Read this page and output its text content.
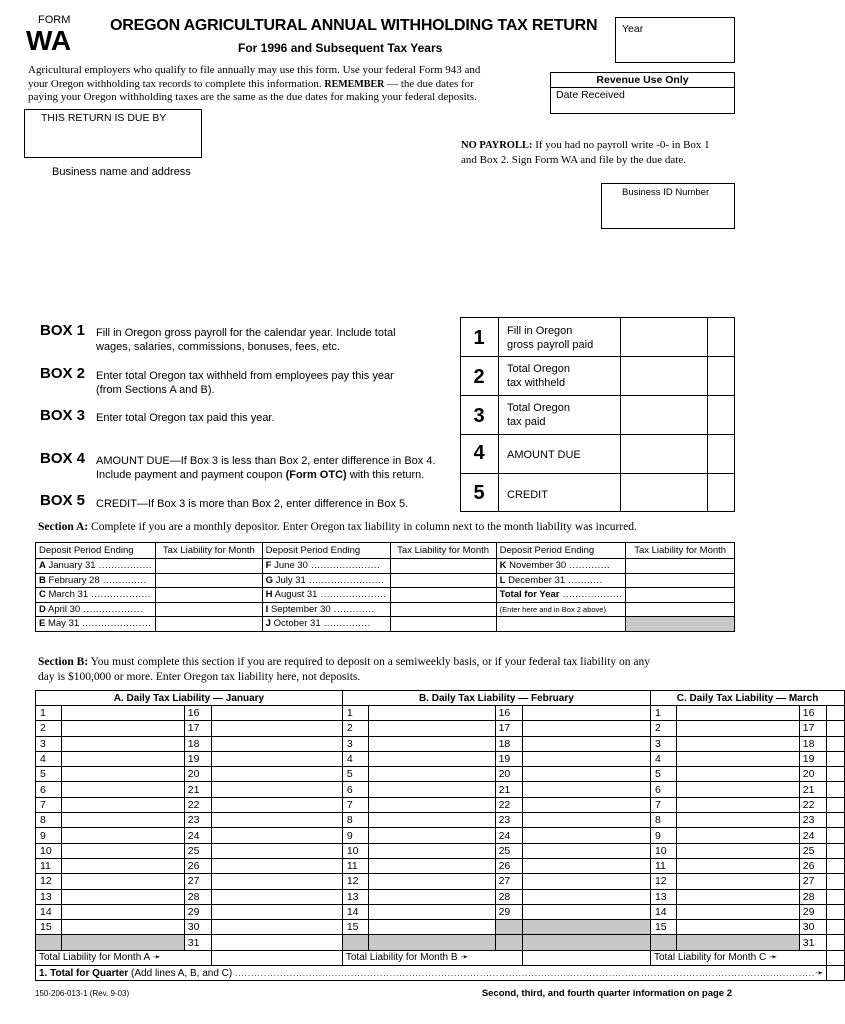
FORM
WA OREGON AGRICULTURAL ANNUAL WITHHOLDING TAX RETURN
For 1996 and Subsequent Tax Years
Year
Agricultural employers who qualify to file annually may use this form. Use your federal Form 943 and
your Oregon withholding tax records to complete this information. REMEMBER — the due dates for
paying your Oregon withholding taxes are the same as the due dates for making your federal deposits.
Revenue Use Only
Date Received
THIS RETURN IS DUE BY
NO PAYROLL: If you had no payroll write -0- in Box 1
and Box 2. Sign Form WA and file by the due date.
Business name and address
Business ID Number
BOX 1 Fill in Oregon gross payroll for the calendar year. Include total
wages, salaries, commissions, bonuses, fees, etc.
BOX 2 Enter total Oregon tax withheld from employees pay this year
(from Sections A and B).
BOX 3 Enter total Oregon tax paid this year.
BOX 4 AMOUNT DUE—If Box 3 is less than Box 2, enter difference in Box 4.
Include payment and payment coupon (Form OTC) with this return.
BOX 5 CREDIT—If Box 3 is more than Box 2, enter difference in Box 5.
1	Fill in Oregon
gross payroll paid
2	Total Oregon
tax withheld
3	Total Oregon
tax paid
4	AMOUNT DUE
5	CREDIT
Section A: Complete if you are a monthly depositor. Enter Oregon tax liability in column next to the month liability was incurred.
Deposit Period Ending	Tax Liability for Month	Deposit Period Ending	Tax Liability for Month	Deposit Period Ending	Tax Liability for Month
A January 31 .................		F June 30 ......................		K November 30 .............	
B February 28 ..............		G July 31 ........................		L December 31 ...........	
C March 31 ...................		H August 31 .....................		Total for Year ...................	
D April 30 ...................		I September 30 .............		(Enter here and in Box 2 above)	
E May 31 ......................		J October 31 ...............			
Section B: You must complete this section if you are required to deposit on a semiweekly basis, or if your federal tax liability on any
day is $100,000 or more. Enter Oregon tax liability here, not deposits.
A. Daily Tax Liability — January				B. Daily Tax Liability — February				C. Daily Tax Liability — March			
1		16		1		16		1		16	
2		17		2		17		2		17	
3		18		3		18		3		18	
4		19		4		19		4		19	
5		20		5		20		5		20	
6		21		6		21		6		21	
7		22		7		22		7		22	
8		23		8		23		8		23	
9		24		9		24		9		24	
10		25		10		25		10		25	
11		26		11		26		11		26	
12		27		12		27		12		27	
13		28		13		28		13		28	
14		29		14		29		14		29	
15		30		15				15		30	
		31								31	
Total Liability for Month A ➛				Total Liability for Month B ➛				Total Liability for Month C ➛			
1. Total for Quarter (Add lines A, B, and C) ....................................................................................................................................................................................➛											
150-206-013-1 (Rev. 9-03)	Second, third, and fourth quarter information on page 2
